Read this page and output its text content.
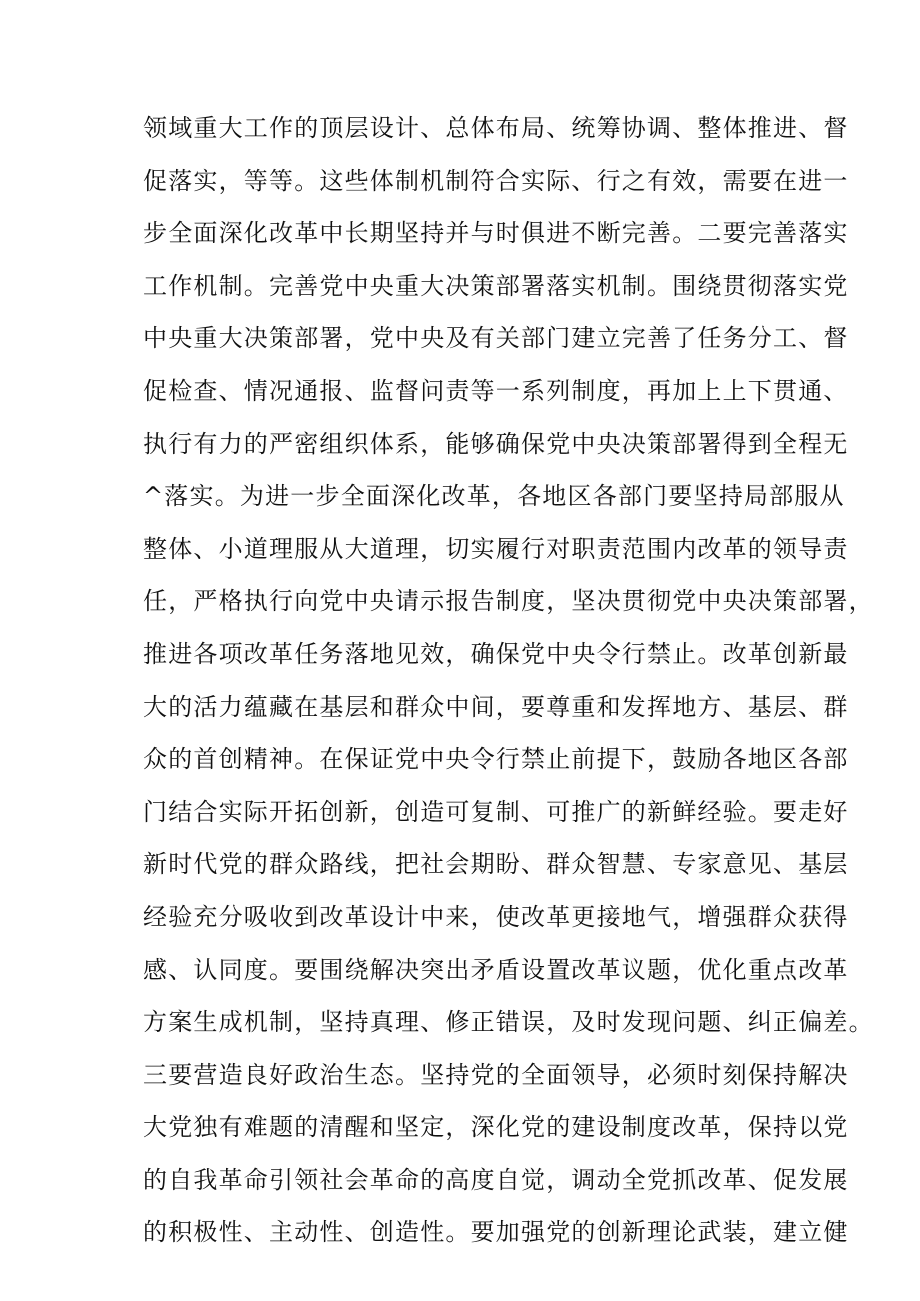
领域重大工作的顶层设计、总体布局、统筹协调、整体推进、督
促落实，等等。这些体制机制符合实际、行之有效，需要在进一
步全面深化改革中长期坚持并与时俱进不断完善。二要完善落实
工作机制。完善党中央重大决策部署落实机制。围绕贯彻落实党
中央重大决策部署，党中央及有关部门建立完善了任务分工、督
促检查、情况通报、监督问责等一系列制度，再加上上下贯通、
执行有力的严密组织体系，能够确保党中央决策部署得到全程无
^落实。为进一步全面深化改革，各地区各部门要坚持局部服从
整体、小道理服从大道理，切实履行对职责范围内改革的领导责
任，严格执行向党中央请示报告制度，坚决贯彻党中央决策部署，
推进各项改革任务落地见效，确保党中央令行禁止。改革创新最
大的活力蕴藏在基层和群众中间，要尊重和发挥地方、基层、群
众的首创精神。在保证党中央令行禁止前提下，鼓励各地区各部
门结合实际开拓创新，创造可复制、可推广的新鲜经验。要走好
新时代党的群众路线，把社会期盼、群众智慧、专家意见、基层
经验充分吸收到改革设计中来，使改革更接地气，增强群众获得
感、认同度。要围绕解决突出矛盾设置改革议题，优化重点改革
方案生成机制，坚持真理、修正错误，及时发现问题、纠正偏差。
三要营造良好政治生态。坚持党的全面领导，必须时刻保持解决
大党独有难题的清醒和坚定，深化党的建设制度改革，保持以党
的自我革命引领社会革命的高度自觉，调动全党抓改革、促发展
的积极性、主动性、创造性。要加强党的创新理论武装，建立健
